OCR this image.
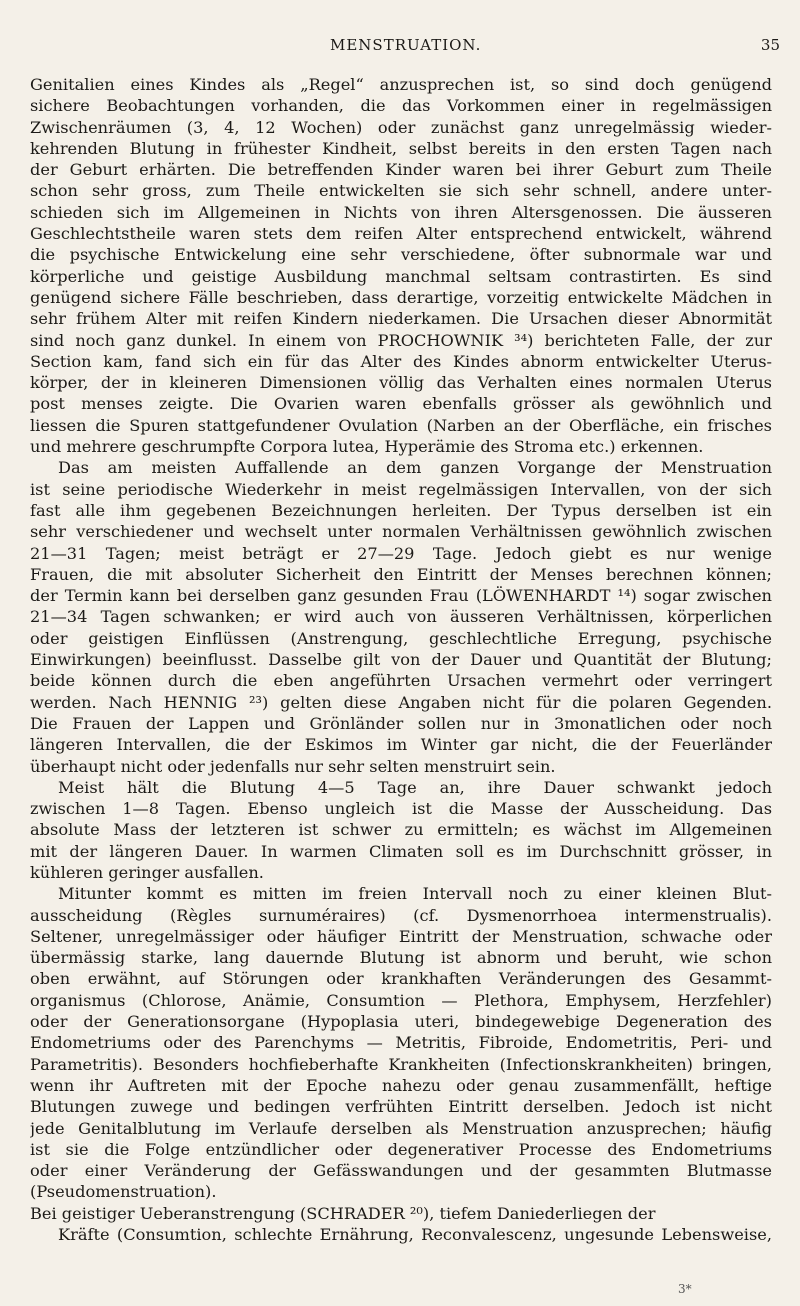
MENSTRUATION.	35
Genitalien eines Kindes als „Regel“ anzusprechen ist, so sind doch genügend
sichere Beobachtungen vorhanden, die das Vorkommen einer in regelmässigen
Zwischenräumen (3, 4, 12 Wochen) oder zunächst ganz unregelmässig wieder-
kehrenden Blutung in frühester Kindheit, selbst bereits in den ersten Tagen nach
der Geburt erhärten. Die betreffenden Kinder waren bei ihrer Geburt zum Theile
schon sehr gross, zum Theile entwickelten sie sich sehr schnell, andere unter-
schieden sich im Allgemeinen in Nichts von ihren Altersgenossen. Die äusseren
Geschlechtstheile waren stets dem reifen Alter entsprechend entwickelt, während
die psychische Entwickelung eine sehr verschiedene, öfter subnormale war und
körperliche und geistige Ausbildung manchmal seltsam contrastirten. Es sind
genügend sichere Fälle beschrieben, dass derartige, vorzeitig entwickelte Mädchen in
sehr frühem Alter mit reifen Kindern niederkamen. Die Ursachen dieser Abnormität
sind noch ganz dunkel. In einem von PROCHOWNIK ³⁴) berichteten Falle, der zur
Section kam, fand sich ein für das Alter des Kindes abnorm entwickelter Uterus-
körper, der in kleineren Dimensionen völlig das Verhalten eines normalen Uterus
post menses zeigte. Die Ovarien waren ebenfalls grösser als gewöhnlich und
liessen die Spuren stattgefundener Ovulation (Narben an der Oberfläche, ein frisches
und mehrere geschrumpfte Corpora lutea, Hyperämie des Stroma etc.) erkennen.
Das am meisten Auffallende an dem ganzen Vorgange der Menstruation
ist seine periodische Wiederkehr in meist regelmässigen Intervallen, von der sich
fast alle ihm gegebenen Bezeichnungen herleiten. Der Typus derselben ist ein
sehr verschiedener und wechselt unter normalen Verhältnissen gewöhnlich zwischen
21—31 Tagen; meist beträgt er 27—29 Tage. Jedoch giebt es nur wenige
Frauen, die mit absoluter Sicherheit den Eintritt der Menses berechnen können;
der Termin kann bei derselben ganz gesunden Frau (LÖWENHARDT ¹⁴) sogar zwischen
21—34 Tagen schwanken; er wird auch von äusseren Verhältnissen, körperlichen
oder geistigen Einflüssen (Anstrengung, geschlechtliche Erregung, psychische
Einwirkungen) beeinflusst. Dasselbe gilt von der Dauer und Quantität der Blutung;
beide können durch die eben angeführten Ursachen vermehrt oder verringert
werden. Nach HENNIG ²³) gelten diese Angaben nicht für die polaren Gegenden.
Die Frauen der Lappen und Grönländer sollen nur in 3monatlichen oder noch
längeren Intervallen, die der Eskimos im Winter gar nicht, die der Feuerländer
überhaupt nicht oder jedenfalls nur sehr selten menstruirt sein.
Meist hält die Blutung 4—5 Tage an, ihre Dauer schwankt jedoch
zwischen 1—8 Tagen. Ebenso ungleich ist die Masse der Ausscheidung. Das
absolute Mass der letzteren ist schwer zu ermitteln; es wächst im Allgemeinen
mit der längeren Dauer. In warmen Climaten soll es im Durchschnitt grösser, in
kühleren geringer ausfallen.
Mitunter kommt es mitten im freien Intervall noch zu einer kleinen Blut-
ausscheidung (Règles surnuméraires) (cf. Dysmenorrhoea intermenstrualis).
Seltener, unregelmässiger oder häufiger Eintritt der Menstruation, schwache oder
übermässig starke, lang dauernde Blutung ist abnorm und beruht, wie schon
oben erwähnt, auf Störungen oder krankhaften Veränderungen des Gesammt-
organismus (Chlorose, Anämie, Consumtion — Plethora, Emphysem, Herzfehler)
oder der Generationsorgane (Hypoplasia uteri, bindegewebige Degeneration des
Endometriums oder des Parenchyms — Metritis, Fibroide, Endometritis, Peri- und
Parametritis). Besonders hochfieberhafte Krankheiten (Infectionskrankheiten) bringen,
wenn ihr Auftreten mit der Epoche nahezu oder genau zusammenfällt, heftige
Blutungen zuwege und bedingen verfrühten Eintritt derselben. Jedoch ist nicht
jede Genitalblutung im Verlaufe derselben als Menstruation anzusprechen; häufig
ist sie die Folge entzündlicher oder degenerativer Processe des Endometriums
oder einer Veränderung der Gefässwandungen und der gesammten Blutmasse
(Pseudomenstruation).
Bei geistiger Ueberanstrengung (SCHRADER ²⁰), tiefem Daniederliegen der
Kräfte (Consumtion, schlechte Ernährung, Reconvalescenz, ungesunde Lebensweise,
3*
